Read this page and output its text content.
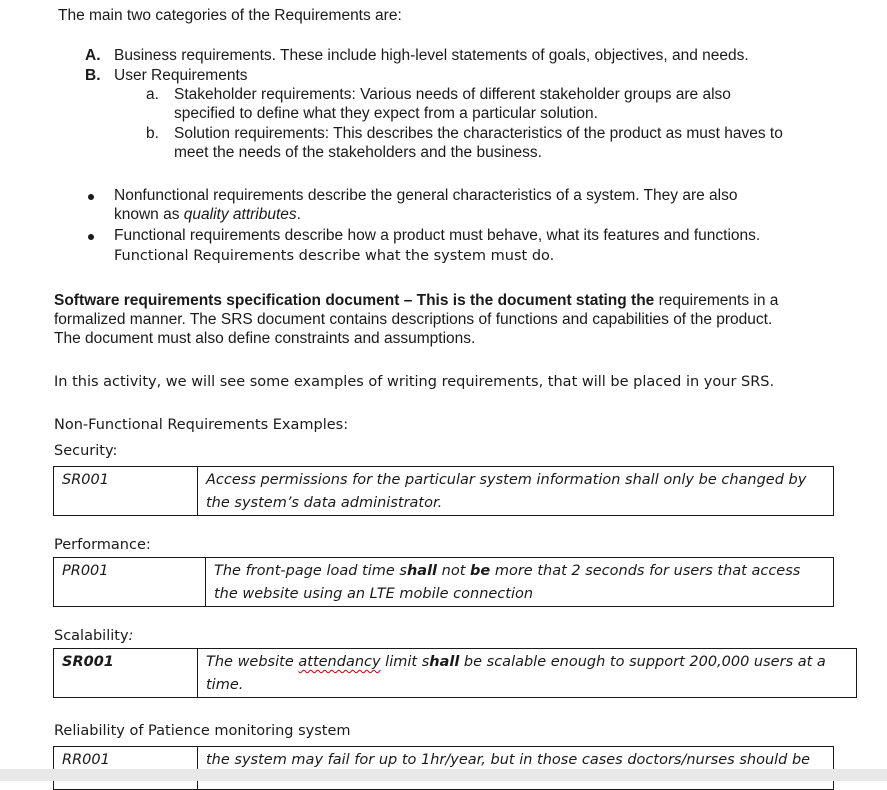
The main two categories of the Requirements are:
A. Business requirements. These include high-level statements of goals, objectives, and needs.
B. User Requirements
a. Stakeholder requirements: Various needs of different stakeholder groups are also
specified to define what they expect from a particular solution.
b. Solution requirements: This describes the characteristics of the product as must haves to
meet the needs of the stakeholders and the business.
Nonfunctional requirements describe the general characteristics of a system. They are also
known as quality attributes.
Functional requirements describe how a product must behave, what its features and functions.
Functional Requirements describe what the system must do.
Software requirements specification document – This is the document stating the requirements in a
formalized manner. The SRS document contains descriptions of functions and capabilities of the product.
The document must also define constraints and assumptions.
In this activity, we will see some examples of writing requirements, that will be placed in your SRS.
Non-Functional Requirements Examples:
Security:
SR001	Access permissions for the particular system information shall only be changed by
the system’s data administrator.
Performance:
PR001	The front-page load time shall not be more that 2 seconds for users that access
the website using an LTE mobile connection
Scalability:
SR001	The website attendancy limit shall be scalable enough to support 200,000 users at a
time.
Reliability of Patience monitoring system
RR001	the system may fail for up to 1hr/year, but in those cases doctors/nurses should be
